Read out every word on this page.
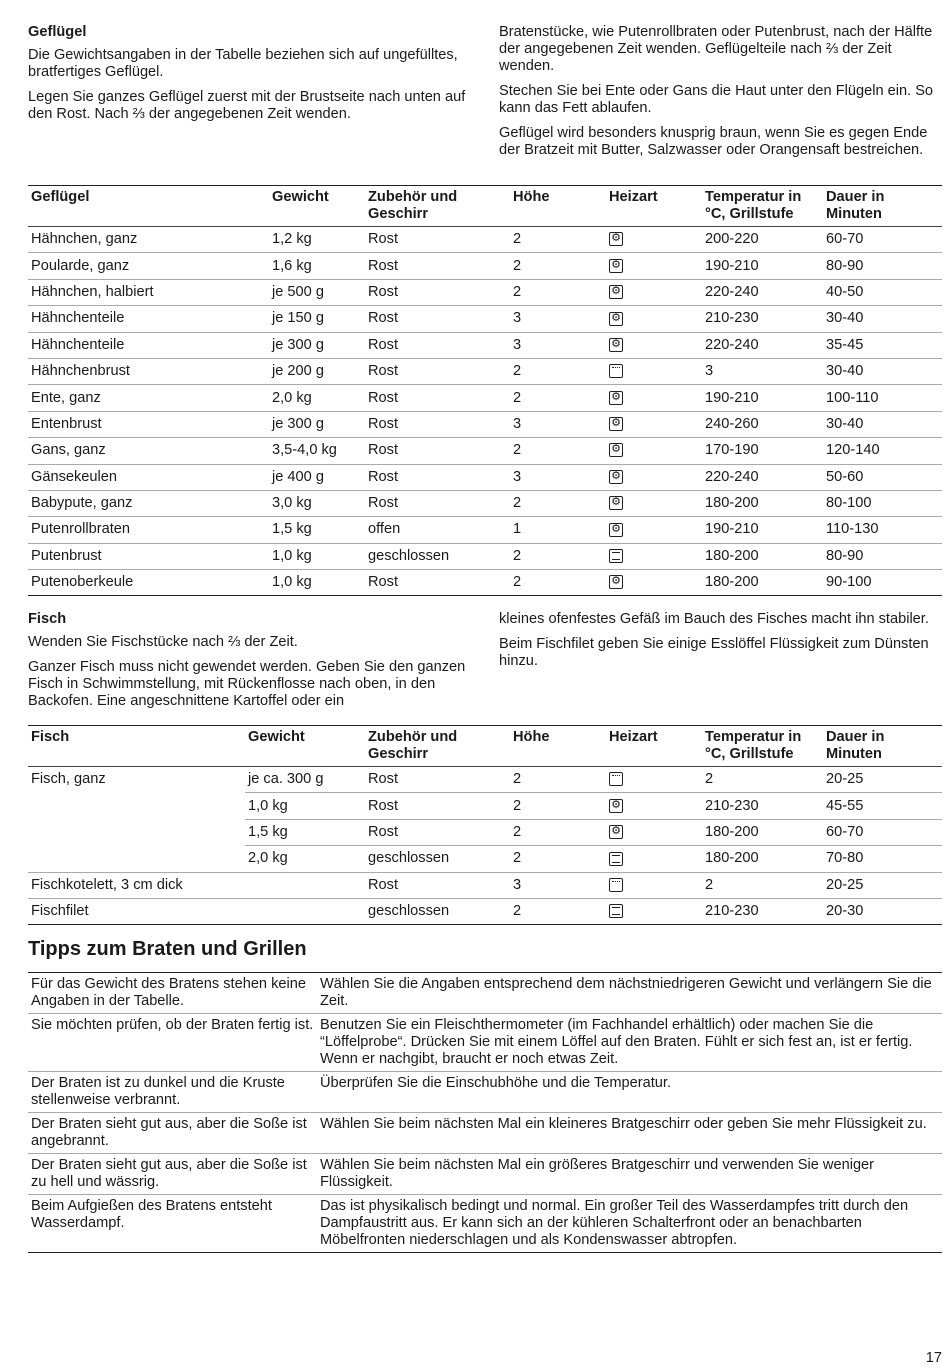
Geflügel

Die Gewichtsangaben in der Tabelle beziehen sich auf ungefülltes, bratfertiges Geflügel.

Legen Sie ganzes Geflügel zuerst mit der Brustseite nach unten auf den Rost. Nach ⅔ der angegebenen Zeit wenden.

Bratenstücke, wie Putenrollbraten oder Putenbrust, nach der Hälfte der angegebenen Zeit wenden. Geflügelteile nach ⅔ der Zeit wenden.

Stechen Sie bei Ente oder Gans die Haut unter den Flügeln ein. So kann das Fett ablaufen.

Geflügel wird besonders knusprig braun, wenn Sie es gegen Ende der Bratzeit mit Butter, Salzwasser oder Orangensaft bestreichen.

Geflügel	Gewicht	Zubehör und Geschirr	Höhe	Heizart	Temperatur in °C, Grillstufe	Dauer in Minuten
Hähnchen, ganz	1,2 kg	Rost	2	⚙	200-220	60-70
Poularde, ganz	1,6 kg	Rost	2	⚙	190-210	80-90
Hähnchen, halbiert	je 500 g	Rost	2	⚙	220-240	40-50
Hähnchenteile	je 150 g	Rost	3	⚙	210-230	30-40
Hähnchenteile	je 300 g	Rost	3	⚙	220-240	35-45
Hähnchenbrust	je 200 g	Rost	2		3	30-40
Ente, ganz	2,0 kg	Rost	2	⚙	190-210	100-110
Entenbrust	je 300 g	Rost	3	⚙	240-260	30-40
Gans, ganz	3,5-4,0 kg	Rost	2	⚙	170-190	120-140
Gänsekeulen	je 400 g	Rost	3	⚙	220-240	50-60
Babypute, ganz	3,0 kg	Rost	2	⚙	180-200	80-100
Putenrollbraten	1,5 kg	offen	1	⚙	190-210	110-130
Putenbrust	1,0 kg	geschlossen	2		180-200	80-90
Putenoberkeule	1,0 kg	Rost	2	⚙	180-200	90-100
Fisch

Wenden Sie Fischstücke nach ⅔ der Zeit.

Ganzer Fisch muss nicht gewendet werden. Geben Sie den ganzen Fisch in Schwimmstellung, mit Rückenflosse nach oben, in den Backofen. Eine angeschnittene Kartoffel oder ein

kleines ofenfestes Gefäß im Bauch des Fisches macht ihn stabiler.

Beim Fischfilet geben Sie einige Esslöffel Flüssigkeit zum Dünsten hinzu.

Fisch	Gewicht	Zubehör und Geschirr	Höhe	Heizart	Temperatur in °C, Grillstufe	Dauer in Minuten
Fisch, ganz	je ca. 300 g	Rost	2		2	20-25
	1,0 kg	Rost	2	⚙	210-230	45-55
	1,5 kg	Rost	2	⚙	180-200	60-70
	2,0 kg	geschlossen	2		180-200	70-80
Fischkotelett, 3 cm dick		Rost	3		2	20-25
Fischfilet		geschlossen	2		210-230	20-30
Tipps zum Braten und Grillen
Für das Gewicht des Bratens stehen keine Angaben in der Tabelle.	Wählen Sie die Angaben entsprechend dem nächstniedrigeren Gewicht und verlängern Sie die Zeit.
Sie möchten prüfen, ob der Braten fertig ist.	Benutzen Sie ein Fleischthermometer (im Fachhandel erhältlich) oder machen Sie die “Löffelprobe“. Drücken Sie mit einem Löffel auf den Braten. Fühlt er sich fest an, ist er fertig. Wenn er nachgibt, braucht er noch etwas Zeit.
Der Braten ist zu dunkel und die Kruste stellenweise verbrannt.	Überprüfen Sie die Einschubhöhe und die Temperatur.
Der Braten sieht gut aus, aber die Soße ist angebrannt.	Wählen Sie beim nächsten Mal ein kleineres Bratgeschirr oder geben Sie mehr Flüssigkeit zu.
Der Braten sieht gut aus, aber die Soße ist zu hell und wässrig.	Wählen Sie beim nächsten Mal ein größeres Bratgeschirr und verwenden Sie weniger Flüssigkeit.
Beim Aufgießen des Bratens entsteht Wasserdampf.	Das ist physikalisch bedingt und normal. Ein großer Teil des Wasserdampfes tritt durch den Dampfaustritt aus. Er kann sich an der kühleren Schalterfront oder an benachbarten Möbelfronten niederschlagen und als Kondenswasser abtropfen.
17
